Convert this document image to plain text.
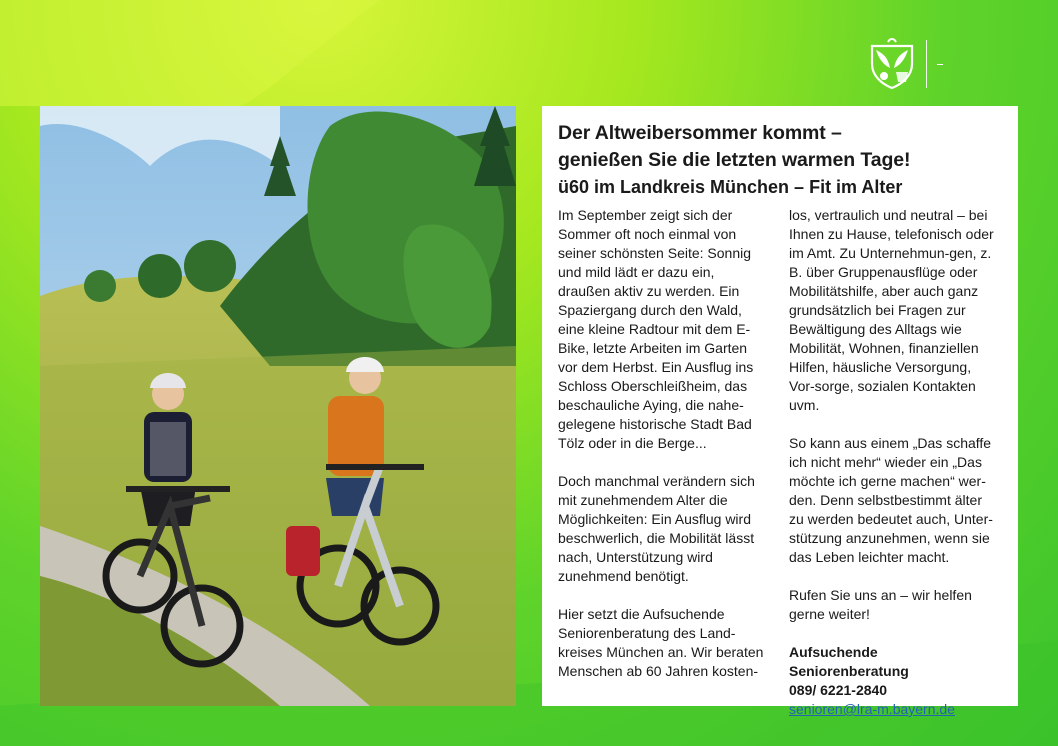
Der Altweibersommer kommt –
genießen Sie die letzten warmen Tage!
ü60 im Landkreis München – Fit im Alter

Im September zeigt sich der Sommer oft noch einmal von seiner schönsten Seite: Sonnig und mild lädt er dazu ein, draußen aktiv zu werden. Ein Spaziergang durch den Wald, eine kleine Radtour mit dem E-Bike, letzte Arbeiten im Garten vor dem Herbst. Ein Ausflug ins Schloss Oberschleißheim, das beschauliche Aying, die nahe-gelegene historische Stadt Bad Tölz oder in die Berge...

Doch manchmal verändern sich mit zunehmendem Alter die Möglichkeiten: Ein Ausflug wird beschwerlich, die Mobilität lässt nach, Unterstützung wird zunehmend benötigt.

Hier setzt die Aufsuchende Seniorenberatung des Land-kreises München an. Wir beraten Menschen ab 60 Jahren kosten-

los, vertraulich und neutral – bei Ihnen zu Hause, telefonisch oder im Amt. Zu Unternehmun-gen, z. B. über Gruppenausflüge oder Mobilitätshilfe, aber auch ganz grundsätzlich bei Fragen zur Bewältigung des Alltags wie Mobilität, Wohnen, finanziellen Hilfen, häusliche Versorgung, Vor-sorge, sozialen Kontakten uvm.

So kann aus einem „Das schaffe ich nicht mehr“ wieder ein „Das möchte ich gerne machen“ wer-den. Denn selbstbestimmt älter zu werden bedeutet auch, Unter-stützung anzunehmen, wenn sie das Leben leichter macht.

Rufen Sie uns an – wir helfen gerne weiter!

Aufsuchende Seniorenberatung
089/ 6221-2840
senioren@lra-m.bayern.de
